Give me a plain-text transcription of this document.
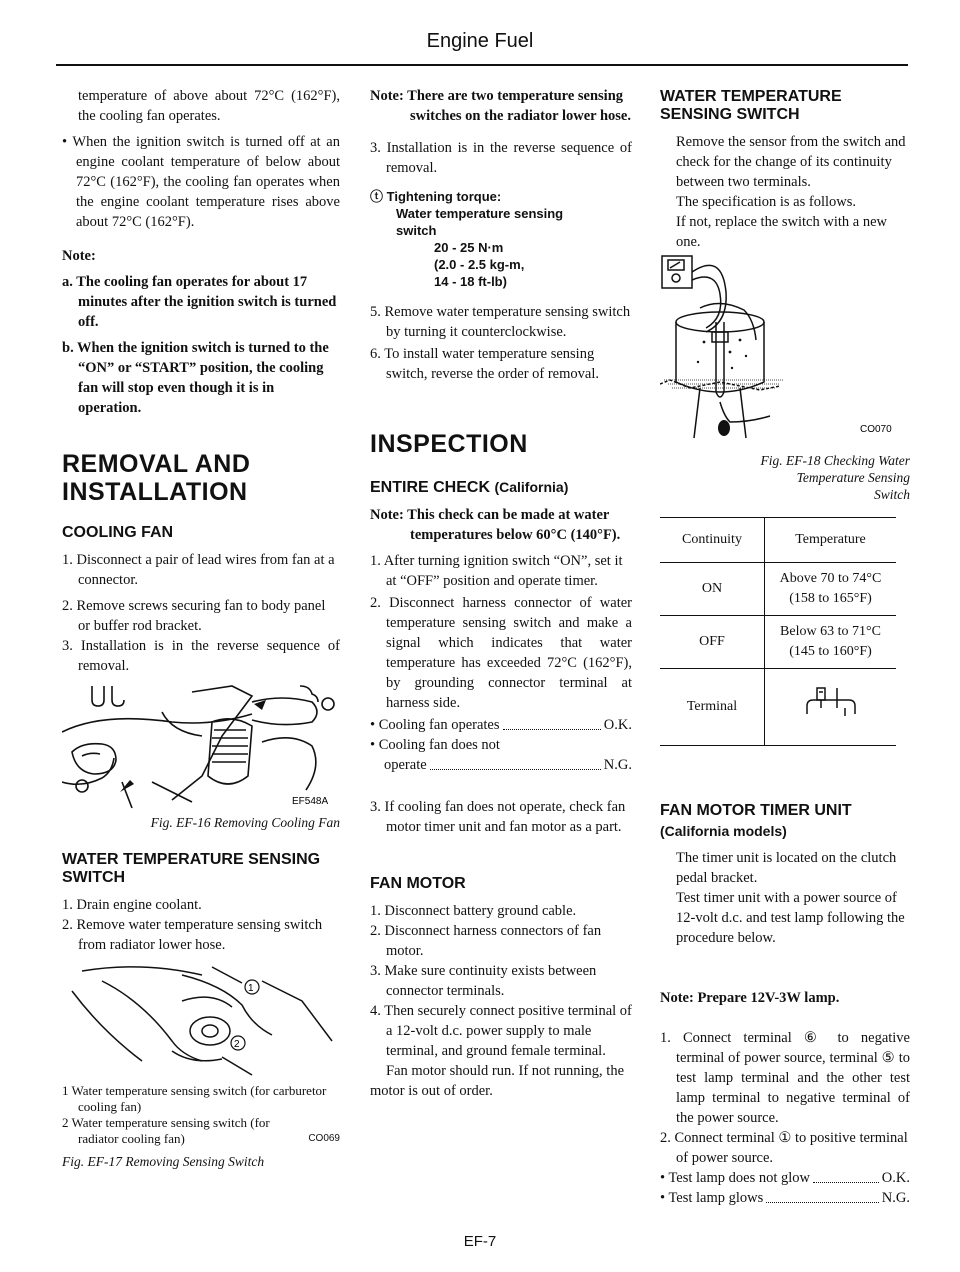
Engine Fuel

temperature of above about 72°C (162°F), the cooling fan operates.

• When the ignition switch is turned off at an engine coolant temperature of below about 72°C (162°F), the cooling fan operates when the engine coolant temperature rises above about 72°C (162°F).

Note:

a. The cooling fan operates for about 17 minutes after the ignition switch is turned off.

b. When the ignition switch is turned to the “ON” or “START” position, the cooling fan will stop even though it is in operation.

REMOVAL AND INSTALLATION
COOLING FAN

1. Disconnect a pair of lead wires from fan at a connector.

2. Remove screws securing fan to body panel or buffer rod bracket.

3. Installation is in the reverse sequence of removal.

EF548A
Fig. EF-16 Removing Cooling Fan
WATER TEMPERATURE SENSING SWITCH

1. Drain engine coolant.

2. Remove water temperature sensing switch from radiator lower hose.

1
2
1 Water temperature sensing switch (for carburetor cooling fan)
2 Water temperature sensing switch (for radiator cooling fan)	CO069
Fig. EF-17 Removing Sensing Switch

Note: There are two temperature sensing switches on the radiator lower hose.

3. Installation is in the reverse sequence of removal.

ⓣ Tightening torque:
Water temperature sensing
switch
20 - 25 N·m
(2.0 - 2.5 kg-m,
14 - 18 ft-lb)

5. Remove water temperature sensing switch by turning it counterclockwise.

6. To install water temperature sensing switch, reverse the order of removal.

INSPECTION
ENTIRE CHECK (California)

Note: This check can be made at water temperatures below 60°C (140°F).

1. After turning ignition switch “ON”, set it at “OFF” position and operate timer.

2. Disconnect harness connector of water temperature sensing switch and make a signal which indicates that water temperature has exceeded 72°C (162°F), by grounding connector terminal at harness side.

• Cooling fan operates	O.K.
• Cooling fan does not
operate	N.G.

3. If cooling fan does not operate, check fan motor timer unit and fan motor as a part.

FAN MOTOR

1. Disconnect battery ground cable.

2. Disconnect harness connectors of fan motor.

3. Make sure continuity exists between connector terminals.

4. Then securely connect positive terminal of a 12-volt d.c. power supply to male terminal, and ground female terminal.

Fan motor should run. If not running, the motor is out of order.

WATER TEMPERATURE SENSING SWITCH

Remove the sensor from the switch and check for the change of its continuity between two terminals.

The specification is as follows.

If not, replace the switch with a new one.

CO070
Fig. EF-18 Checking Water
Temperature Sensing
Switch
Continuity	Temperature
ON	Above 70 to 74°C
(158 to 165°F)

OFF	Below 63 to 71°C
(145 to 160°F)

Terminal	
FAN MOTOR TIMER UNIT
(California models)

The timer unit is located on the clutch pedal bracket.

Test timer unit with a power source of 12-volt d.c. and test lamp following the procedure below.

Note: Prepare 12V-3W lamp.

1. Connect terminal ⑥ to negative terminal of power source, terminal ⑤ to test lamp terminal and the other test lamp terminal to negative terminal of the power source.

2. Connect terminal ① to positive terminal of power source.

• Test lamp does not glow	O.K.
• Test lamp glows	N.G.
EF-7
